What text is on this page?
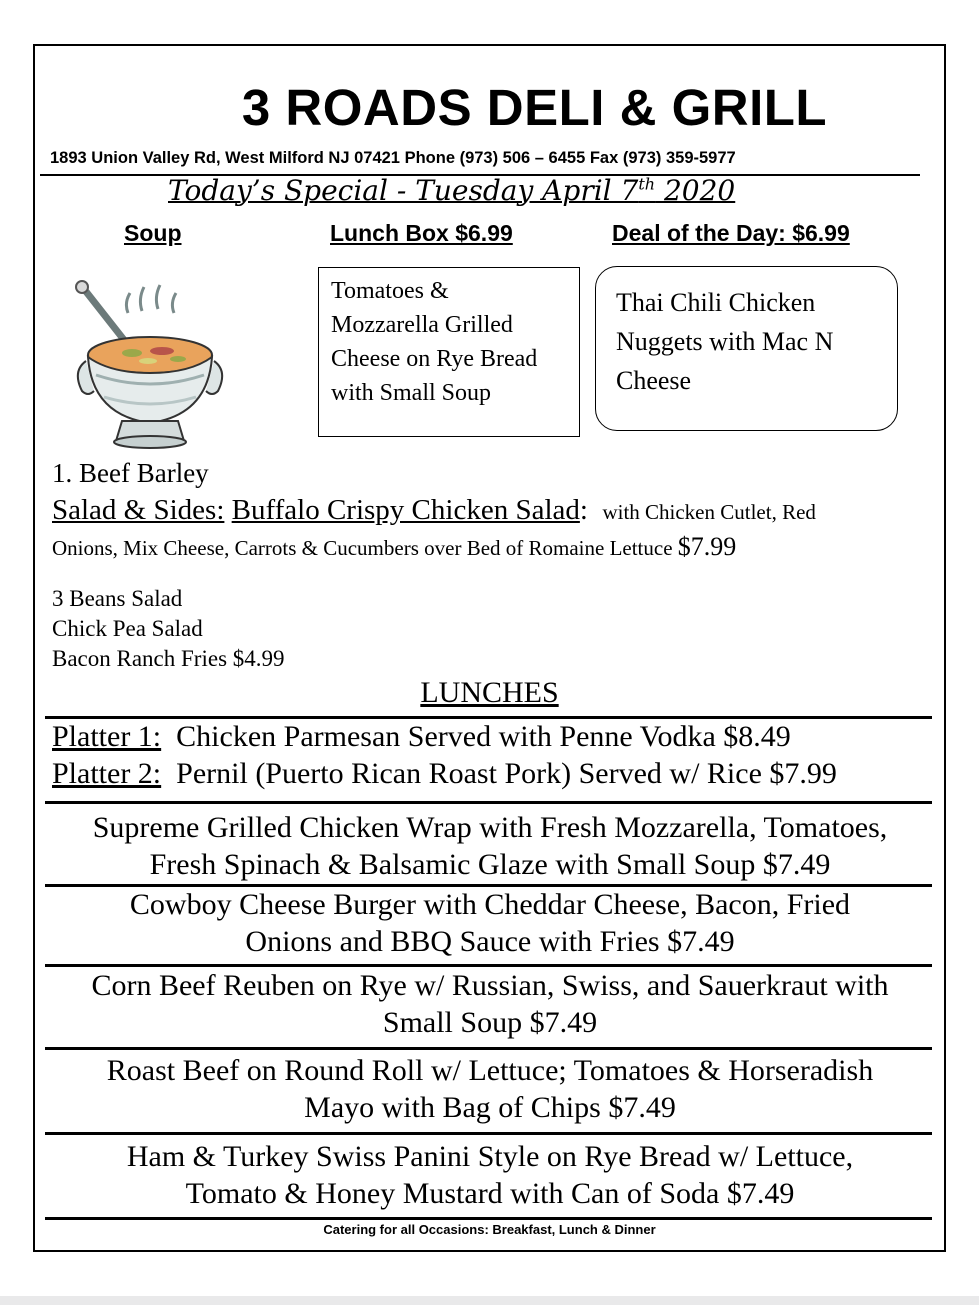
3 ROADS DELI & GRILL
1893 Union Valley Rd, West Milford NJ 07421 Phone (973) 506 – 6455 Fax (973) 359-5977
Today’s Special - Tuesday April 7th 2020
Soup	Lunch Box $6.99	Deal of the Day: $6.99
Tomatoes &
Mozzarella Grilled
Cheese on Rye Bread
with Small Soup
Thai Chili Chicken
Nuggets with Mac N
Cheese
1. Beef Barley
Salad & Sides: Buffalo Crispy Chicken Salad: with Chicken Cutlet, Red
Onions, Mix Cheese, Carrots & Cucumbers over Bed of Romaine Lettuce $7.99
3 Beans Salad
Chick Pea Salad
Bacon Ranch Fries $4.99
LUNCHES
Platter 1: Chicken Parmesan Served with Penne Vodka $8.49
Platter 2: Pernil (Puerto Rican Roast Pork) Served w/ Rice $7.99
Supreme Grilled Chicken Wrap with Fresh Mozzarella, Tomatoes,
Fresh Spinach & Balsamic Glaze with Small Soup $7.49
Cowboy Cheese Burger with Cheddar Cheese, Bacon, Fried
Onions and BBQ Sauce with Fries $7.49
Corn Beef Reuben on Rye w/ Russian, Swiss, and Sauerkraut with
Small Soup $7.49
Roast Beef on Round Roll w/ Lettuce; Tomatoes & Horseradish
Mayo with Bag of Chips $7.49
Ham & Turkey Swiss Panini Style on Rye Bread w/ Lettuce,
Tomato & Honey Mustard with Can of Soda $7.49
Catering for all Occasions: Breakfast, Lunch & Dinner
